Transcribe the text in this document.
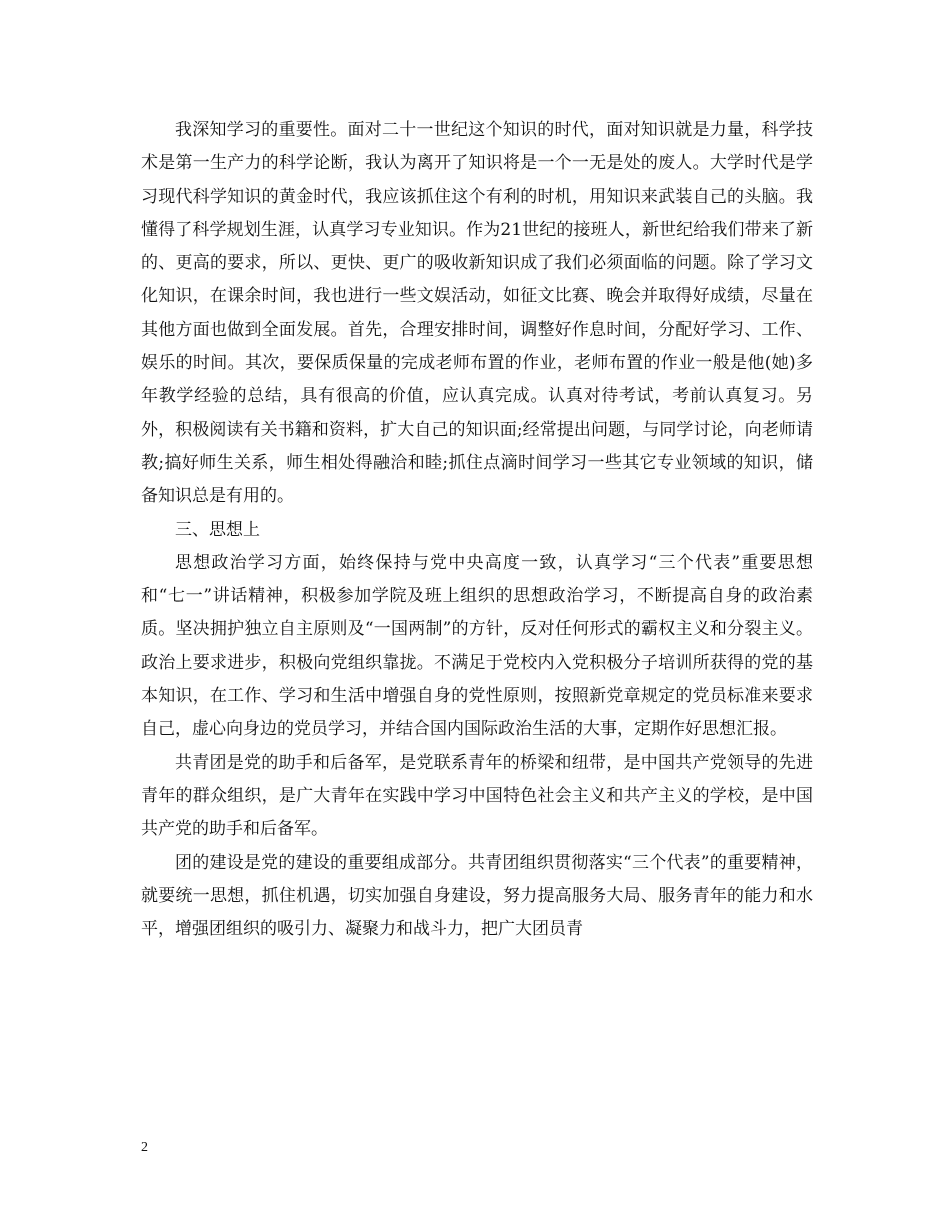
我深知学习的重要性。面对二十一世纪这个知识的时代，面对知识就是力量，科学技术是第一生产力的科学论断，我认为离开了知识将是一个一无是处的废人。大学时代是学习现代科学知识的黄金时代，我应该抓住这个有利的时机，用知识来武装自己的头脑。我懂得了科学规划生涯，认真学习专业知识。作为21世纪的接班人，新世纪给我们带来了新的、更高的要求，所以、更快、更广的吸收新知识成了我们必须面临的问题。除了学习文化知识，在课余时间，我也进行一些文娱活动，如征文比赛、晚会并取得好成绩，尽量在其他方面也做到全面发展。首先，合理安排时间，调整好作息时间，分配好学习、工作、娱乐的时间。其次，要保质保量的完成老师布置的作业，老师布置的作业一般是他(她)多年教学经验的总结，具有很高的价值，应认真完成。认真对待考试，考前认真复习。另外，积极阅读有关书籍和资料，扩大自己的知识面;经常提出问题，与同学讨论，向老师请教;搞好师生关系，师生相处得融洽和睦;抓住点滴时间学习一些其它专业领域的知识，储备知识总是有用的。

三、思想上

思想政治学习方面，始终保持与党中央高度一致，认真学习“三个代表”重要思想和“七一”讲话精神，积极参加学院及班上组织的思想政治学习，不断提高自身的政治素质。坚决拥护独立自主原则及“一国两制”的方针，反对任何形式的霸权主义和分裂主义。政治上要求进步，积极向党组织靠拢。不满足于党校内入党积极分子培训所获得的党的基本知识，在工作、学习和生活中增强自身的党性原则，按照新党章规定的党员标准来要求自己，虚心向身边的党员学习，并结合国内国际政治生活的大事，定期作好思想汇报。

共青团是党的助手和后备军，是党联系青年的桥梁和纽带，是中国共产党领导的先进青年的群众组织，是广大青年在实践中学习中国特色社会主义和共产主义的学校，是中国共产党的助手和后备军。

团的建设是党的建设的重要组成部分。共青团组织贯彻落实“三个代表”的重要精神，就要统一思想，抓住机遇，切实加强自身建设，努力提高服务大局、服务青年的能力和水平，增强团组织的吸引力、凝聚力和战斗力，把广大团员青

2
